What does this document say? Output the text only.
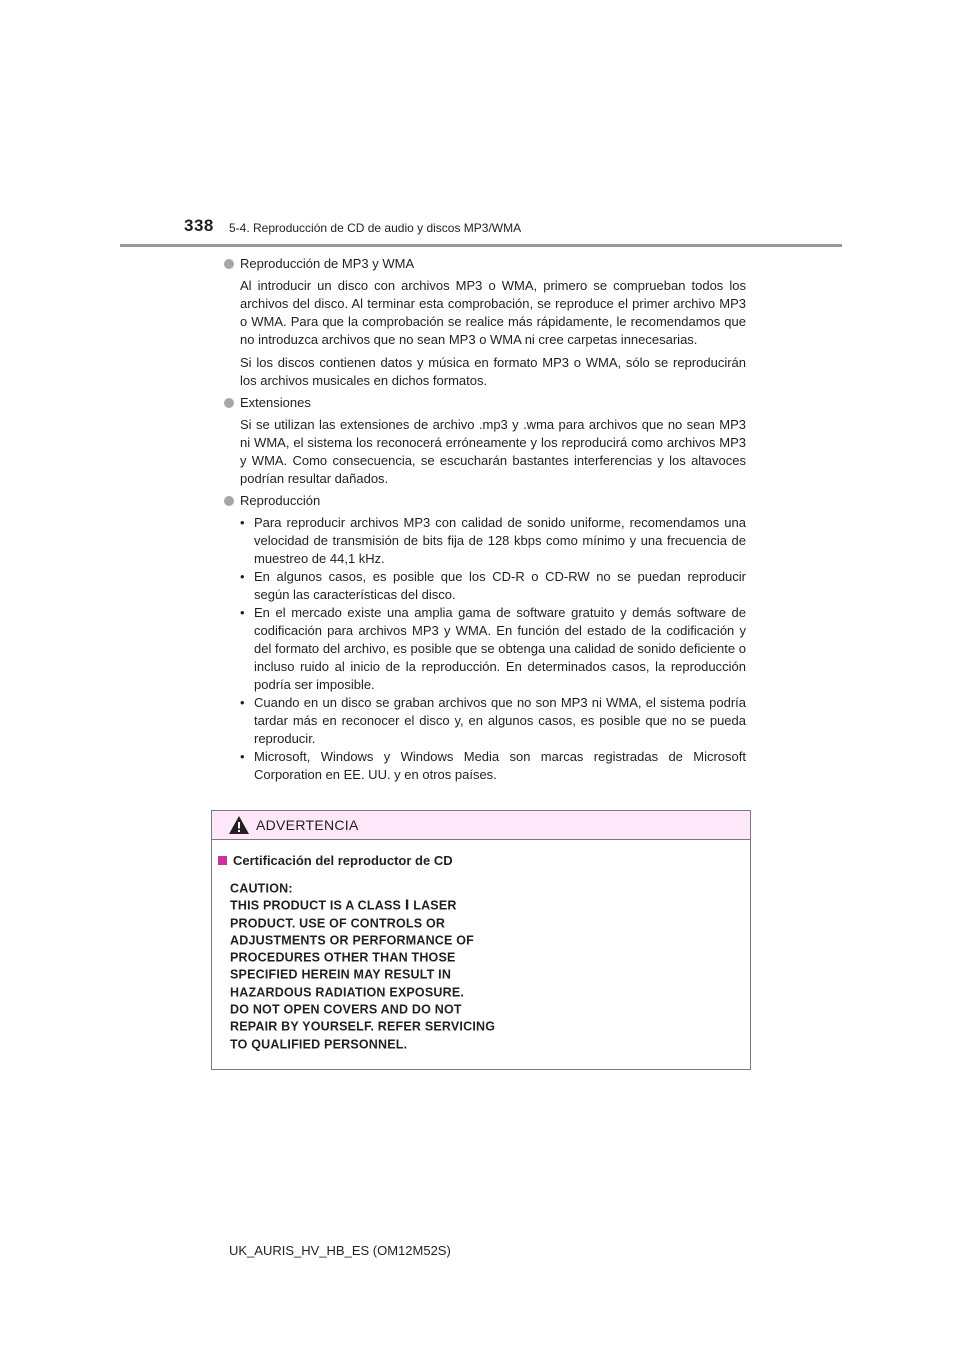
338 5-4. Reproducción de CD de audio y discos MP3/WMA
Reproducción de MP3 y WMA

Al introducir un disco con archivos MP3 o WMA, primero se comprueban todos los archivos del disco. Al terminar esta comprobación, se reproduce el primer archivo MP3 o WMA. Para que la comprobación se realice más rápidamente, le recomendamos que no introduzca archivos que no sean MP3 o WMA ni cree carpetas innecesarias.

Si los discos contienen datos y música en formato MP3 o WMA, sólo se reproducirán los archivos musicales en dichos formatos.

Extensiones

Si se utilizan las extensiones de archivo .mp3 y .wma para archivos que no sean MP3 ni WMA, el sistema los reconocerá erróneamente y los reproducirá como archivos MP3 y WMA. Como consecuencia, se escucharán bastantes interferencias y los altavoces podrían resultar dañados.

Reproducción
• Para reproducir archivos MP3 con calidad de sonido uniforme, recomendamos una velocidad de transmisión de bits fija de 128 kbps como mínimo y una frecuencia de muestreo de 44,1 kHz.
• En algunos casos, es posible que los CD-R o CD-RW no se puedan reproducir según las características del disco.
• En el mercado existe una amplia gama de software gratuito y demás software de codificación para archivos MP3 y WMA. En función del estado de la codificación y del formato del archivo, es posible que se obtenga una calidad de sonido deficiente o incluso ruido al inicio de la reproducción. En determinados casos, la reproducción podría ser imposible.
• Cuando en un disco se graban archivos que no son MP3 ni WMA, el sistema podría tardar más en reconocer el disco y, en algunos casos, es posible que no se pueda reproducir.
• Microsoft, Windows y Windows Media son marcas registradas de Microsoft Corporation en EE. UU. y en otros países.
ADVERTENCIA
Certificación del reproductor de CD
CAUTION:
THIS PRODUCT IS A CLASS Ⅰ LASER
PRODUCT. USE OF CONTROLS OR
ADJUSTMENTS OR PERFORMANCE OF
PROCEDURES OTHER THAN THOSE
SPECIFIED HEREIN MAY RESULT IN
HAZARDOUS RADIATION EXPOSURE.
DO NOT OPEN COVERS AND DO NOT
REPAIR BY YOURSELF. REFER SERVICING
TO QUALIFIED PERSONNEL.
UK_AURIS_HV_HB_ES (OM12M52S)
